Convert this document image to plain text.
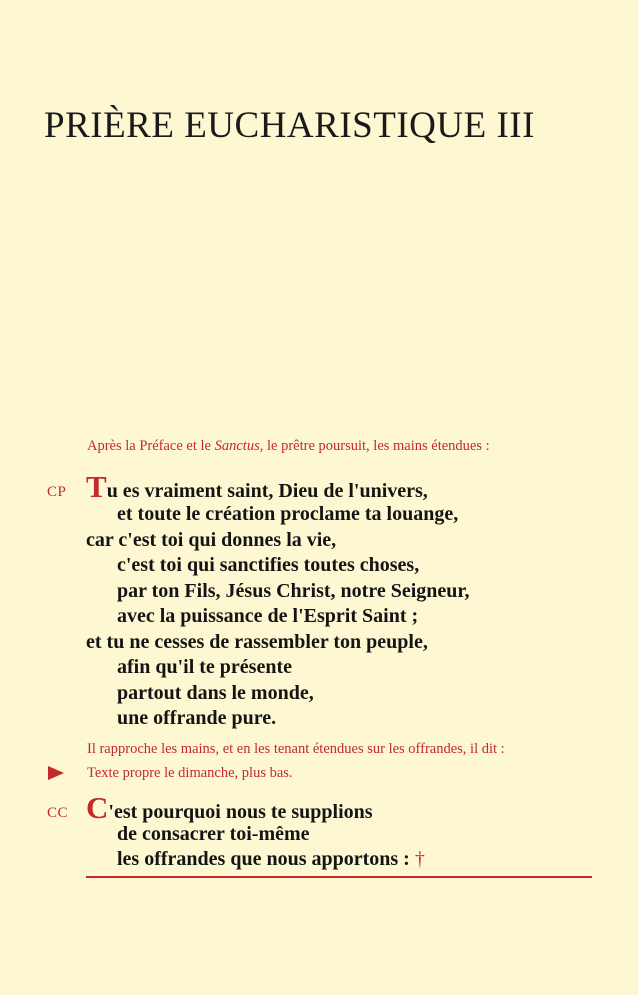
PRIÈRE EUCHARISTIQUE III
Après la Préface et le Sanctus, le prêtre poursuit, les mains étendues :
CP Tu es vraiment saint, Dieu de l'univers,
et toute le création proclame ta louange,
car c'est toi qui donnes la vie,
c'est toi qui sanctifies toutes choses,
par ton Fils, Jésus Christ, notre Seigneur,
avec la puissance de l'Esprit Saint ;
et tu ne cesses de rassembler ton peuple,
afin qu'il te présente
partout dans le monde,
une offrande pure.
Il rapproche les mains, et en les tenant étendues sur les offrandes, il dit :
Texte propre le dimanche, plus bas.
CC C'est pourquoi nous te supplions
de consacrer toi-même
les offrandes que nous apportons : †
